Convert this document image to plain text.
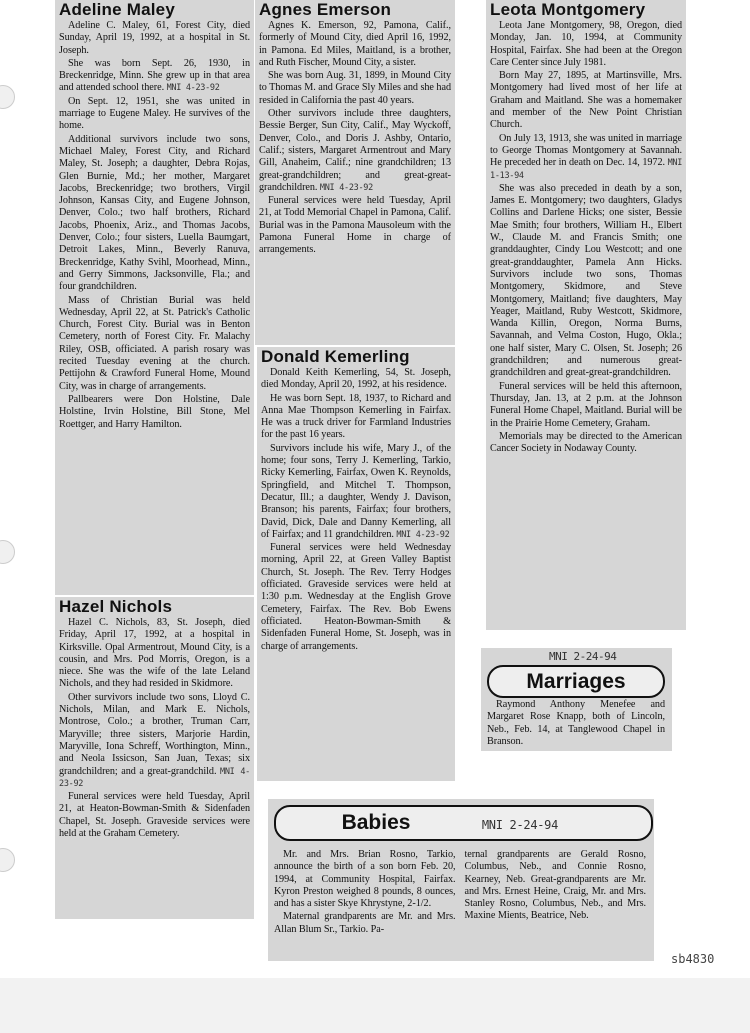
Adeline Maley

Adeline C. Maley, 61, Forest City, died Sunday, April 19, 1992, at a hospital in St. Joseph.

She was born Sept. 26, 1930, in Breckenridge, Minn. She grew up in that area and attended school there. MNI 4-23-92

On Sept. 12, 1951, she was united in marriage to Eugene Maley. He survives of the home.

Additional survivors include two sons, Michael Maley, Forest City, and Richard Maley, St. Joseph; a daughter, Debra Rojas, Glen Burnie, Md.; her mother, Margaret Jacobs, Breckenridge; two brothers, Virgil Johnson, Kansas City, and Eugene Johnson, Denver, Colo.; two half brothers, Richard Jacobs, Phoenix, Ariz., and Thomas Jacobs, Denver, Colo.; four sisters, Luella Baumgart, Detroit Lakes, Minn., Beverly Ranuva, Breckenridge, Kathy Svihl, Moorhead, Minn., and Gerry Simmons, Jacksonville, Fla.; and four grandchildren.

Mass of Christian Burial was held Wednesday, April 22, at St. Patrick's Catholic Church, Forest City. Burial was in Benton Cemetery, north of Forest City. Fr. Malachy Riley, OSB, officiated. A parish rosary was recited Tuesday evening at the church. Pettijohn & Crawford Funeral Home, Mound City, was in charge of arrangements.

Pallbearers were Don Holstine, Dale Holstine, Irvin Holstine, Bill Stone, Mel Roettger, and Harry Hamilton.

Hazel Nichols

Hazel C. Nichols, 83, St. Joseph, died Friday, April 17, 1992, at a hospital in Kirksville. Opal Armentrout, Mound City, is a cousin, and Mrs. Pod Morris, Oregon, is a niece. She was the wife of the late Leland Nichols, and they had resided in Skidmore.

Other survivors include two sons, Lloyd C. Nichols, Milan, and Mark E. Nichols, Montrose, Colo.; a brother, Truman Carr, Maryville; three sisters, Marjorie Hardin, Maryville, Iona Schreff, Worthington, Minn., and Neola Issicson, San Juan, Texas; six grandchildren; and a great-grandchild. MNI 4-23-92

Funeral services were held Tuesday, April 21, at Heaton-Bowman-Smith & Sidenfaden Chapel, St. Joseph. Graveside services were held at the Graham Cemetery.

Agnes Emerson

Agnes K. Emerson, 92, Pamona, Calif., formerly of Mound City, died April 16, 1992, in Pamona. Ed Miles, Maitland, is a brother, and Ruth Fischer, Mound City, a sister.

She was born Aug. 31, 1899, in Mound City to Thomas M. and Grace Sly Miles and she had resided in California the past 40 years.

Other survivors include three daughters, Bessie Berger, Sun City, Calif., May Wyckoff, Denver, Colo., and Doris J. Ashby, Ontario, Calif.; sisters, Margaret Armentrout and Mary Gill, Anaheim, Calif.; nine grandchildren; 13 great-grandchildren; and great-great-grandchildren. MNI 4-23-92

Funeral services were held Tuesday, April 21, at Todd Memorial Chapel in Pamona, Calif. Burial was in the Pamona Mausoleum with the Pamona Funeral Home in charge of arrangements.

Donald Kemerling

Donald Keith Kemerling, 54, St. Joseph, died Monday, April 20, 1992, at his residence.

He was born Sept. 18, 1937, to Richard and Anna Mae Thompson Kemerling in Fairfax. He was a truck driver for Farmland Industries for the past 16 years.

Survivors include his wife, Mary J., of the home; four sons, Terry J. Kemerling, Tarkio, Ricky Kemerling, Fairfax, Owen K. Reynolds, Springfield, and Mitchel T. Thompson, Decatur, Ill.; a daughter, Wendy J. Davison, Branson; his parents, Fairfax; four brothers, David, Dick, Dale and Danny Kemerling, all of Fairfax; and 11 grandchildren. MNI 4-23-92

Funeral services were held Wednesday morning, April 22, at Green Valley Baptist Church, St. Joseph. The Rev. Terry Hodges officiated. Graveside services were held at 1:30 p.m. Wednesday at the English Grove Cemetery, Fairfax. The Rev. Bob Ewens officiated. Heaton-Bowman-Smith & Sidenfaden Funeral Home, St. Joseph, was in charge of arrangements.

Leota Montgomery

Leota Jane Montgomery, 98, Oregon, died Monday, Jan. 10, 1994, at Community Hospital, Fairfax. She had been at the Oregon Care Center since July 1981.

Born May 27, 1895, at Martinsville, Mrs. Montgomery had lived most of her life at Graham and Maitland. She was a homemaker and member of the New Point Christian Church.

On July 13, 1913, she was united in marriage to George Thomas Montgomery at Savannah. He preceded her in death on Dec. 14, 1972. MNI 1-13-94

She was also preceded in death by a son, James E. Montgomery; two daughters, Gladys Collins and Darlene Hicks; one sister, Bessie Mae Smith; four brothers, William H., Elbert W., Claude M. and Francis Smith; one granddaughter, Cindy Lou Westcott; and one great-granddaughter, Pamela Ann Hicks. Survivors include two sons, Thomas Montgomery, Skidmore, and Steve Montgomery, Maitland; five daughters, May Yeager, Maitland, Ruby Westcott, Skidmore, Wanda Killin, Oregon, Norma Burns, Savannah, and Velma Coston, Hugo, Okla.; one half sister, Mary C. Olsen, St. Joseph; 26 grandchildren; and numerous great-grandchildren and great-great-grandchildren.

Funeral services will be held this afternoon, Thursday, Jan. 13, at 2 p.m. at the Johnson Funeral Home Chapel, Maitland. Burial will be in the Prairie Home Cemetery, Graham.

Memorials may be directed to the American Cancer Society in Nodaway County.

MNI 2-24-94
Marriages

Raymond Anthony Menefee and Margaret Rose Knapp, both of Lincoln, Neb., Feb. 14, at Tanglewood Chapel in Branson.

Babies	MNI 2-24-94

Mr. and Mrs. Brian Rosno, Tarkio, announce the birth of a son born Feb. 20, 1994, at Community Hospital, Fairfax. Kyron Preston weighed 8 pounds, 8 ounces, and has a sister Skye Khrystyne, 2-1/2.

Maternal grandparents are Mr. and Mrs. Allan Blum Sr., Tarkio. Pa-

ternal grandparents are Gerald Rosno, Columbus, Neb., and Connie Rosno, Kearney, Neb. Great-grandparents are Mr. and Mrs. Ernest Heine, Craig, Mr. and Mrs. Stanley Rosno, Columbus, Neb., and Mrs. Maxine Mients, Beatrice, Neb.

sb4830
